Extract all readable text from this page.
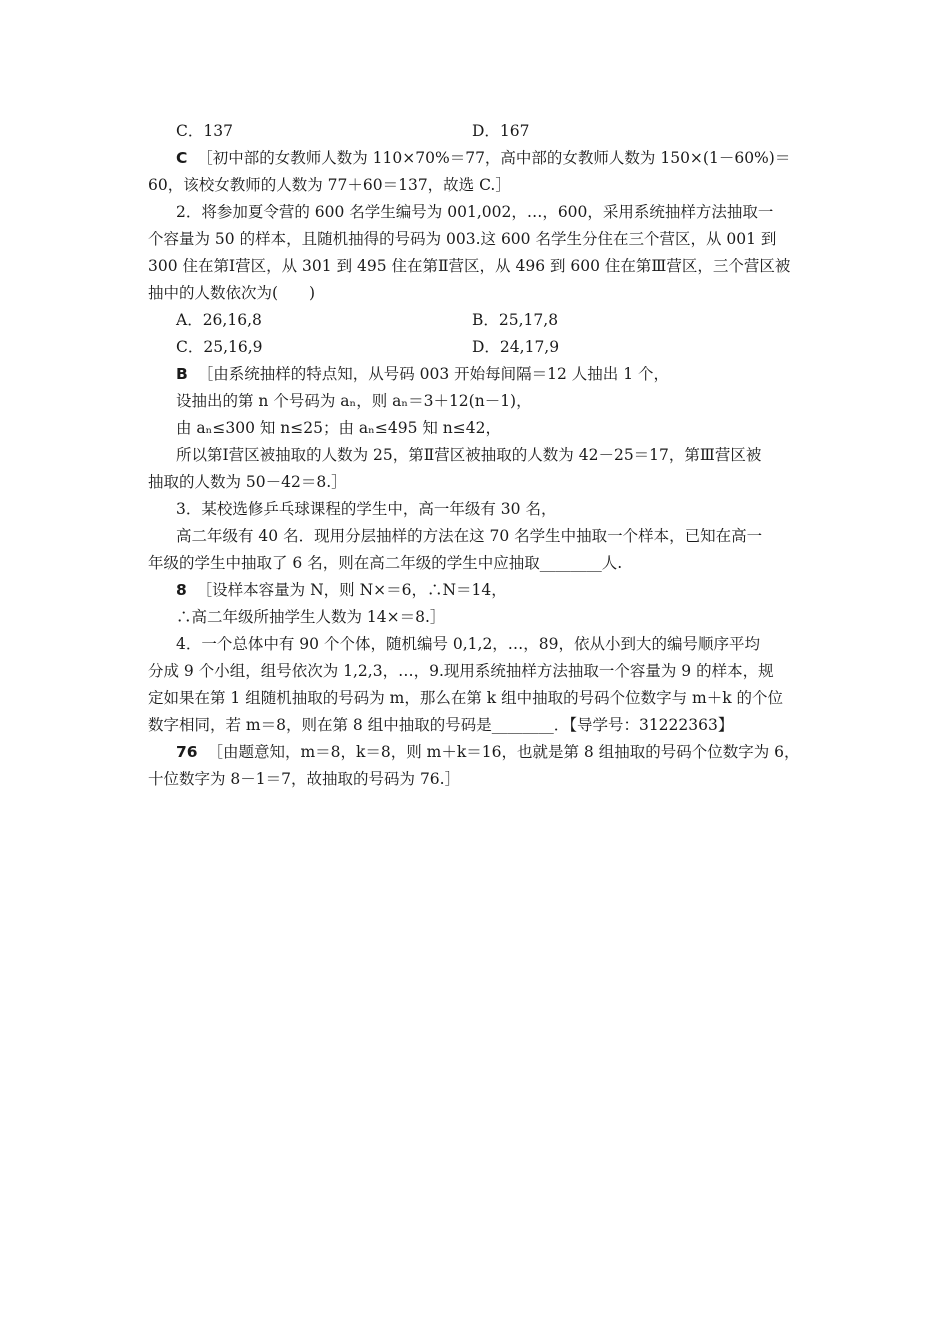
C．137	D．167
C ［初中部的女教师人数为 110×70%＝77，高中部的女教师人数为 150×(1－60%)＝
60，该校女教师的人数为 77＋60＝137，故选 C.］
2．将参加夏令营的 600 名学生编号为 001,002，…，600，采用系统抽样方法抽取一
个容量为 50 的样本，且随机抽得的号码为 003.这 600 名学生分住在三个营区，从 001 到
300 住在第Ⅰ营区，从 301 到 495 住在第Ⅱ营区，从 496 到 600 住在第Ⅲ营区，三个营区被
抽中的人数依次为(　　)
A．26,16,8	B．25,17,8
C．25,16,9	D．24,17,9
B ［由系统抽样的特点知，从号码 003 开始每间隔＝12 人抽出 1 个，
设抽出的第 n 个号码为 aₙ，则 aₙ＝3＋12(n－1)，
由 aₙ≤300 知 n≤25；由 aₙ≤495 知 n≤42，
所以第Ⅰ营区被抽取的人数为 25，第Ⅱ营区被抽取的人数为 42－25＝17，第Ⅲ营区被
抽取的人数为 50－42＝8.］
3．某校选修乒乓球课程的学生中，高一年级有 30 名，
高二年级有 40 名．现用分层抽样的方法在这 70 名学生中抽取一个样本，已知在高一
年级的学生中抽取了 6 名，则在高二年级的学生中应抽取________人.
8 ［设样本容量为 N，则 N×＝6，∴N＝14，
∴高二年级所抽学生人数为 14×＝8.］
4．一个总体中有 90 个个体，随机编号 0,1,2，…，89，依从小到大的编号顺序平均
分成 9 个小组，组号依次为 1,2,3，…，9.现用系统抽样方法抽取一个容量为 9 的样本，规
定如果在第 1 组随机抽取的号码为 m，那么在第 k 组中抽取的号码个位数字与 m＋k 的个位
数字相同，若 m＝8，则在第 8 组中抽取的号码是________．【导学号：31222363】
76 ［由题意知，m＝8，k＝8，则 m＋k＝16，也就是第 8 组抽取的号码个位数字为 6，
十位数字为 8－1＝7，故抽取的号码为 76.］
